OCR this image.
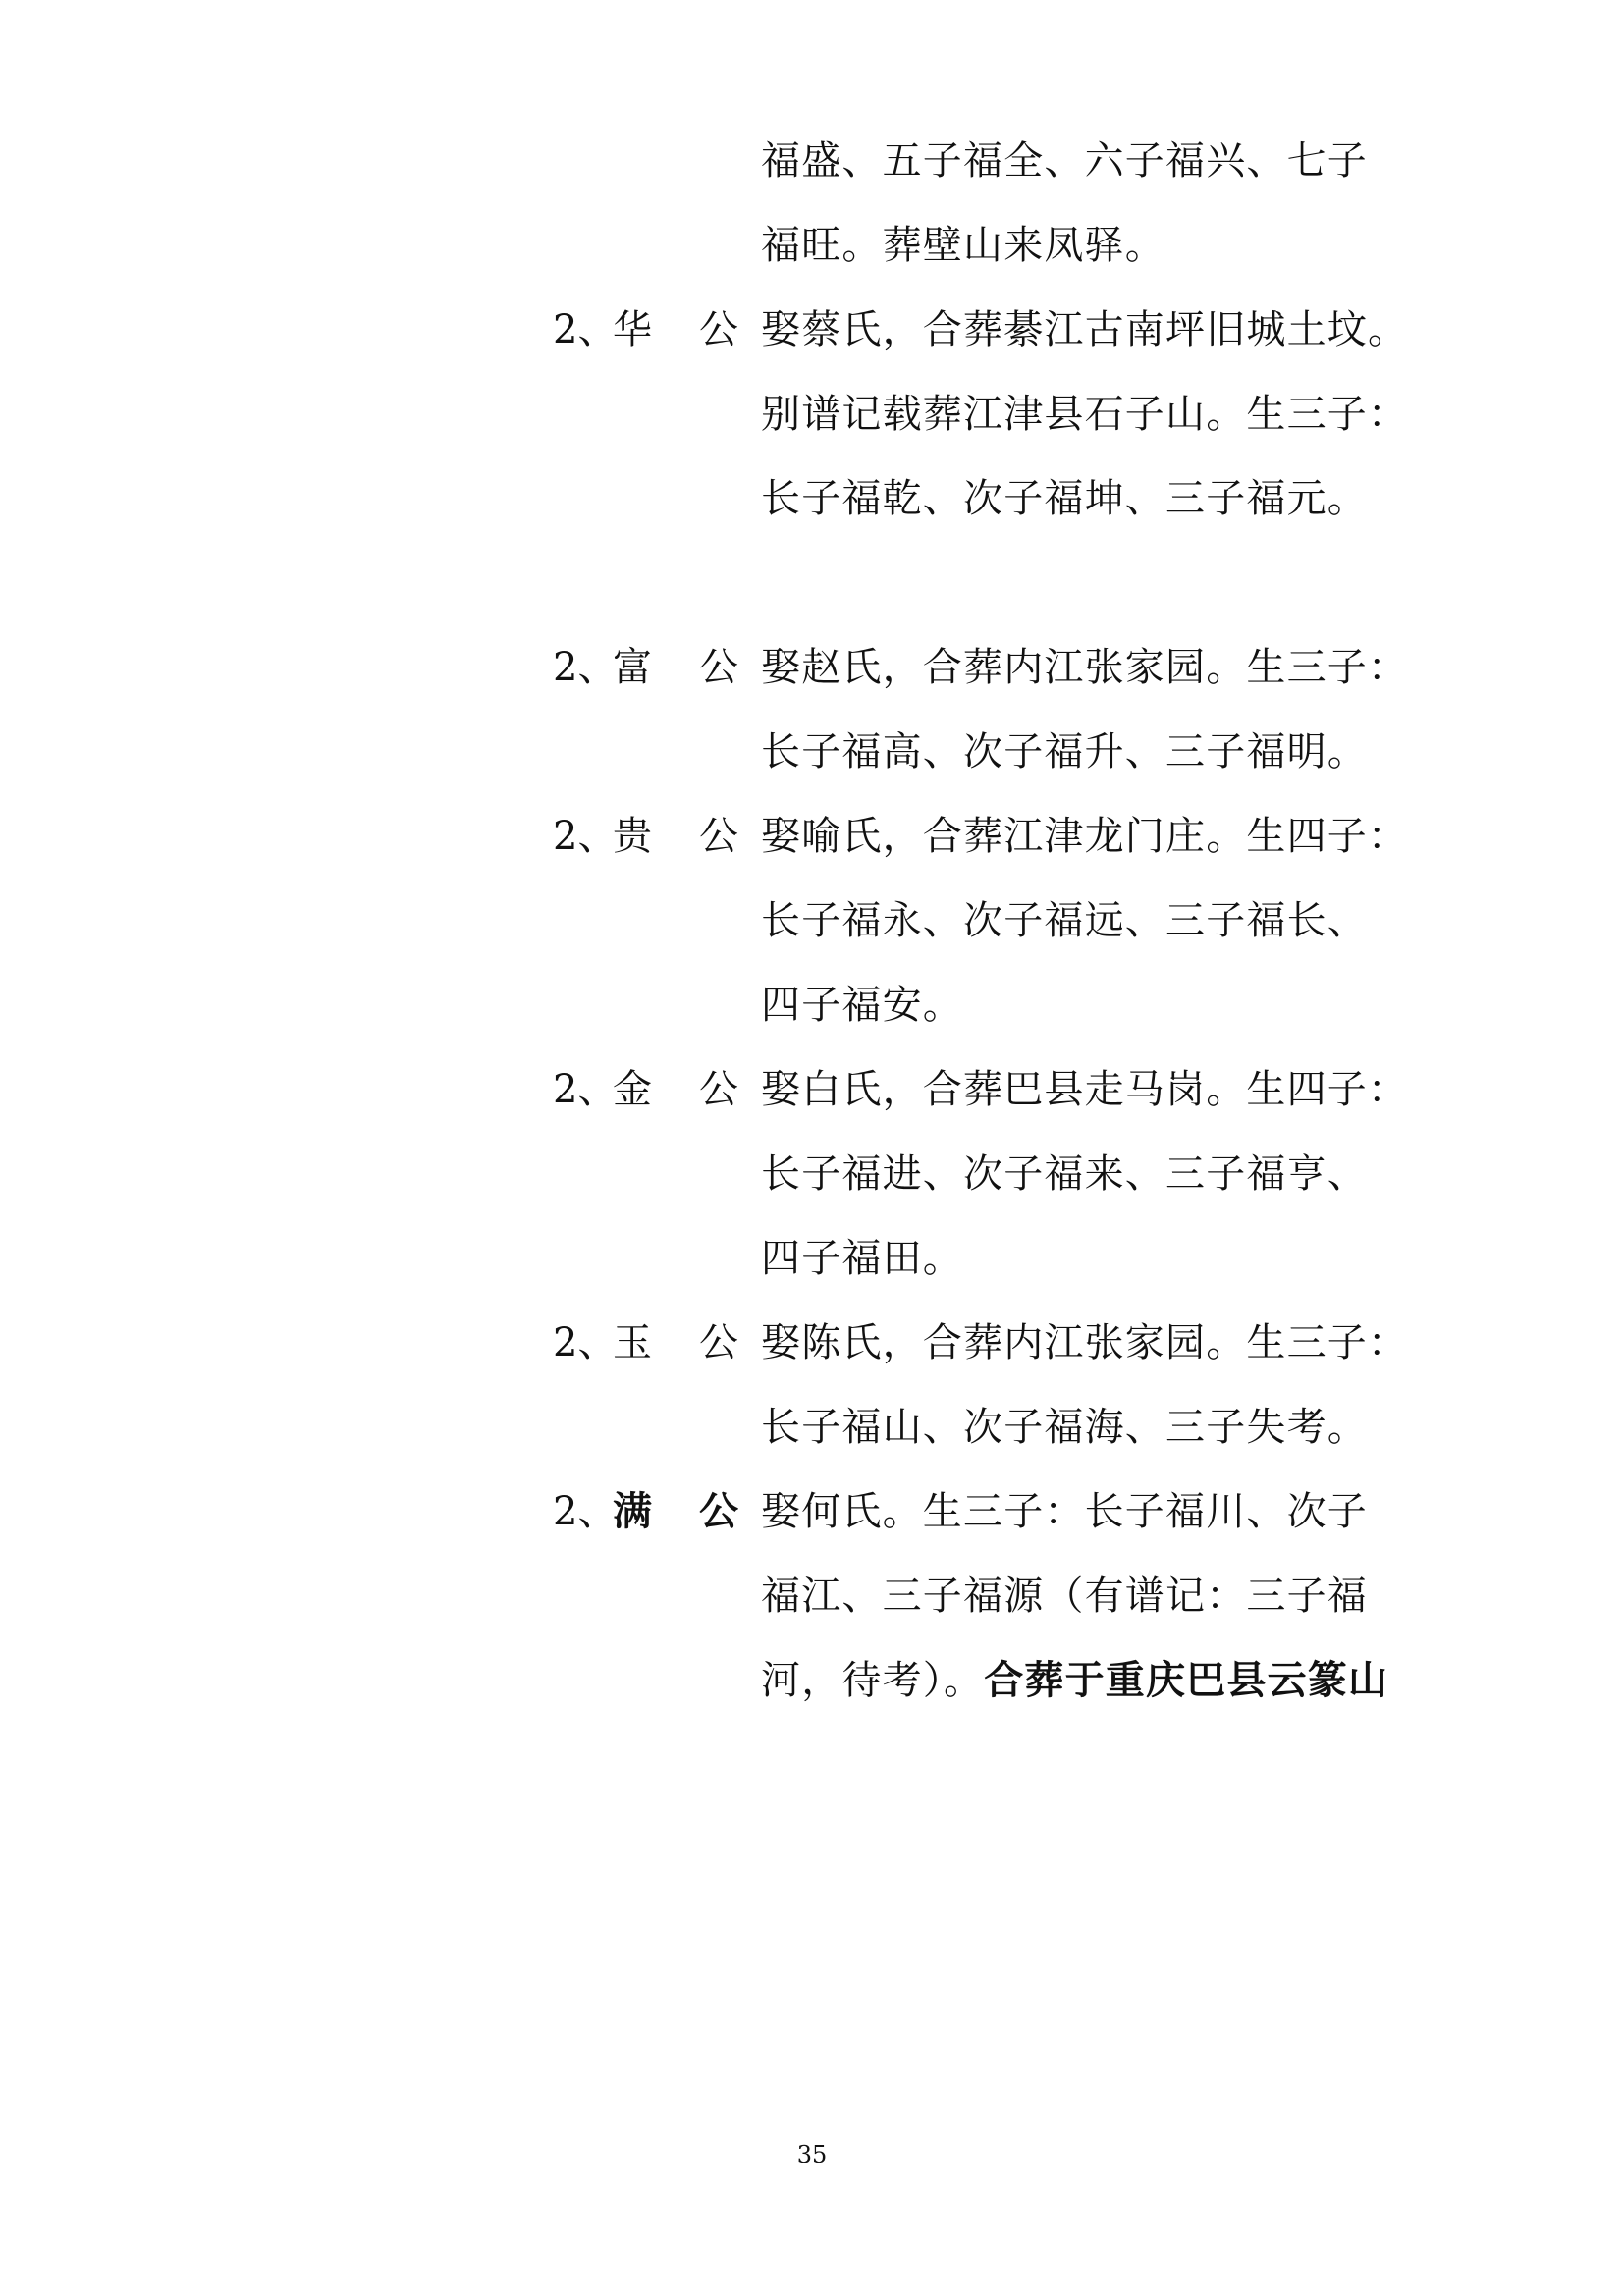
福盛、五子福全、六子福兴、七子
福旺。葬壁山来凤驿。
2、
华 公 娶蔡氏，合葬綦江古南坪旧城土坟。
别谱记载葬江津县石子山。生三子：
长子福乾、次子福坤、三子福元。
2、
富 公 娶赵氏，合葬内江张家园。生三子：
长子福高、次子福升、三子福明。
2、
贵 公 娶喻氏，合葬江津龙门庄。生四子：
长子福永、次子福远、三子福长、
四子福安。
2、
金 公 娶白氏，合葬巴县走马岗。生四子：
长子福进、次子福来、三子福亨、
四子福田。
2、
玉 公 娶陈氏，合葬内江张家园。生三子：
长子福山、次子福海、三子失考。
2、
满 公 娶何氏。生三子：长子福川、次子
福江、三子福源（有谱记：三子福
河，待考）。合葬于重庆巴县云篆山
35
